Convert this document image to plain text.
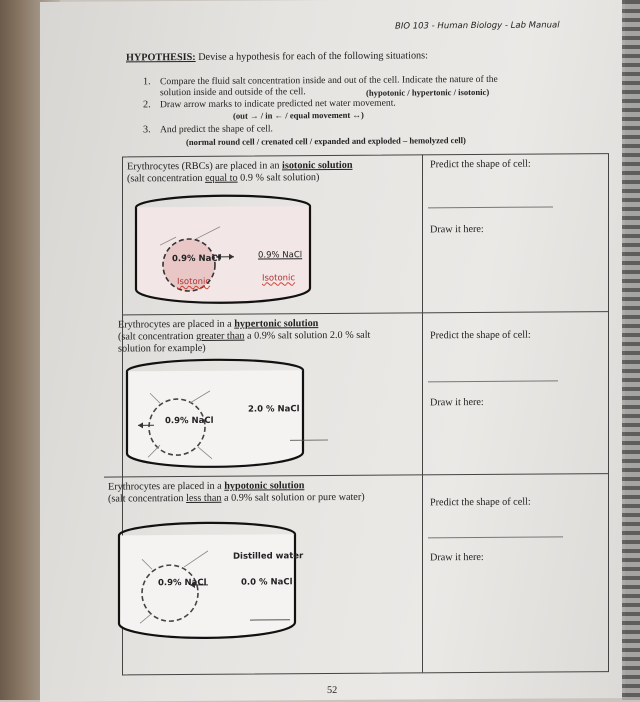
BIO 103 - Human Biology - Lab Manual
HYPOTHESIS: Devise a hypothesis for each of the following situations:
1. Compare the fluid salt concentration inside and out of the cell. Indicate the nature of the
solution inside and outside of the cell.	(hypotonic / hypertonic / isotonic)
2. Draw arrow marks to indicate predicted net water movement.
(out → / in ← / equal movement ↔)
3. And predict the shape of cell.
(normal round cell / crenated cell / expanded and exploded – hemolyzed cell)
Erythrocytes (RBCs) are placed in an isotonic solution
(salt concentration equal to 0.9 % salt solution)
Predict the shape of cell:
Draw it here:
0.9% NaCl
Isotonic
0.9% NaCl
Isotonic
Erythrocytes are placed in a hypertonic solution
(salt concentration greater than a 0.9% salt solution 2.0 % salt
solution for example)
Predict the shape of cell:
Draw it here:
0.9% NaCl
2.0 % NaCl
Erythrocytes are placed in a hypotonic solution
(salt concentration less than a 0.9% salt solution or pure water)	Predict the shape of cell:
Draw it here:
0.9% NaCl
Distilled water
0.0 % NaCl
52
